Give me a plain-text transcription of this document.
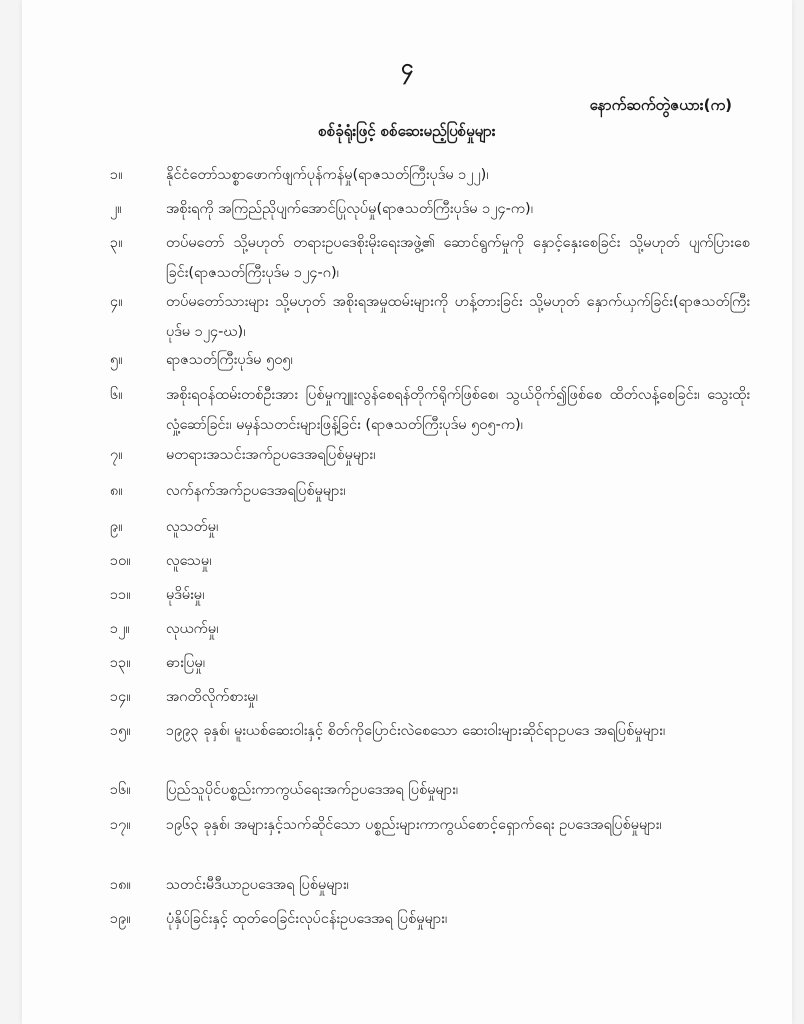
၄
နောက်ဆက်တွဲဇယား(က)
စစ်ခုံရုံးဖြင့် စစ်ဆေးမည့်ပြစ်မှုများ
၁။	နိုင်ငံတော်သစ္စာဖောက်ဖျက်ပုန်ကန်မှု(ရာဇသတ်ကြီးပုဒ်မ ၁၂၂)၊
၂။	အစိုးရကို အကြည်ညိုပျက်အောင်ပြုလုပ်မှု(ရာဇသတ်ကြီးပုဒ်မ ၁၂၄-က)၊
၃။	တပ်မတော် သို့မဟုတ် တရားဥပဒေစိုးမိုးရေးအဖွဲ့၏ ဆောင်ရွက်မှုကို နှောင့်နှေးစေခြင်း သို့မဟုတ် ပျက်ပြားစေခြင်း(ရာဇသတ်ကြီးပုဒ်မ ၁၂၄-ဂ)၊
၄။	တပ်မတော်သားများ သို့မဟုတ် အစိုးရအမှုထမ်းများကို ဟန့်တားခြင်း သို့မဟုတ် နှောက်ယှက်ခြင်း(ရာဇသတ်ကြီးပုဒ်မ ၁၂၄-ဃ)၊
၅။	ရာဇသတ်ကြီးပုဒ်မ ၅၀၅၊
၆။	အစိုးရဝန်ထမ်းတစ်ဦးအား ပြစ်မှုကျူးလွန်စေရန်တိုက်ရိုက်ဖြစ်စေ၊ သွယ်ဝိုက်၍ဖြစ်စေ ထိတ်လန့်စေခြင်း၊ သွေးထိုးလှုံ့ဆော်ခြင်း၊ မမှန်သတင်းများဖြန့်ခြင်း (ရာဇသတ်ကြီးပုဒ်မ ၅၀၅-က)၊
၇။	မတရားအသင်းအက်ဥပဒေအရပြစ်မှုများ၊
၈။	လက်နက်အက်ဥပဒေအရပြစ်မှုများ၊
၉။	လူသတ်မှု၊
၁၀။	လူသေမှု၊
၁၁။	မုဒိမ်းမှု၊
၁၂။	လုယက်မှု၊
၁၃။	ဓားပြမှု၊
၁၄။	အဂတိလိုက်စားမှု၊
၁၅။	၁၉၉၃ ခုနှစ်၊ မူးယစ်ဆေးဝါးနှင့် စိတ်ကိုပြောင်းလဲစေသော ဆေးဝါးများဆိုင်ရာဥပဒေ အရပြစ်မှုများ၊
၁၆။	ပြည်သူပိုင်ပစ္စည်းကာကွယ်ရေးအက်ဥပဒေအရ ပြစ်မှုများ၊
၁၇။	၁၉၆၃ ခုနှစ်၊ အများနှင့်သက်ဆိုင်သော ပစ္စည်းများကာကွယ်စောင့်ရှောက်ရေး ဥပဒေအရပြစ်မှုများ၊
၁၈။	သတင်းမီဒီယာဥပဒေအရ ပြစ်မှုများ၊
၁၉။	ပုံနှိပ်ခြင်းနှင့် ထုတ်ဝေခြင်းလုပ်ငန်းဥပဒေအရ ပြစ်မှုများ၊
